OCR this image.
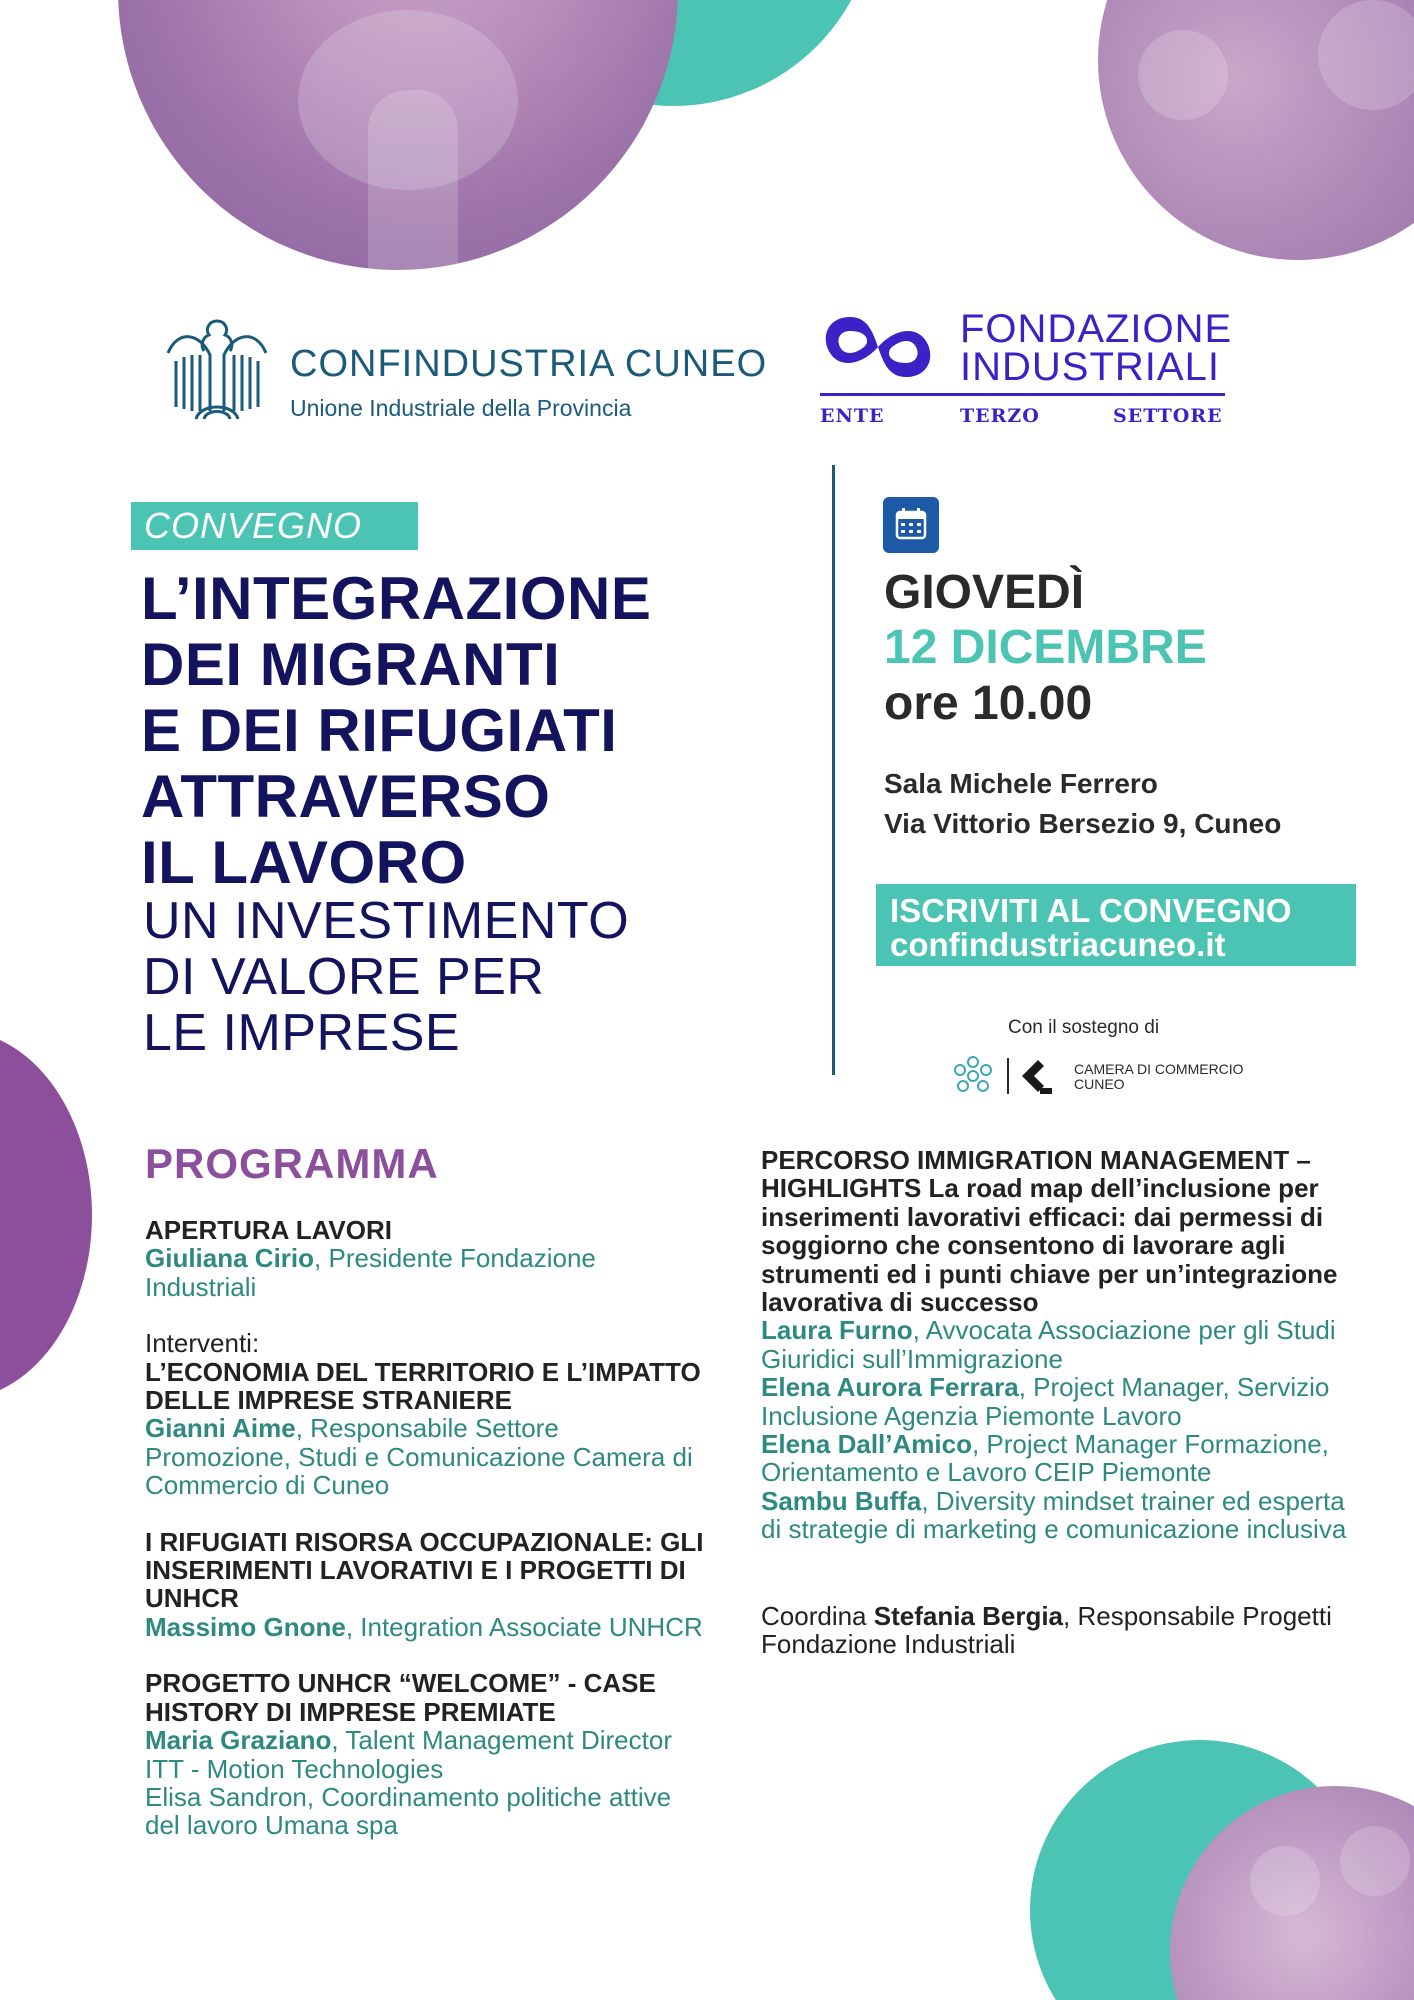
CONFINDUSTRIA CUNEO
Unione Industriale della Provincia
FONDAZIONE
INDUSTRIALI
ENTE	TERZO	SETTORE
CONVEGNO
L’INTEGRAZIONE
DEI MIGRANTI
E DEI RIFUGIATI
ATTRAVERSO
IL LAVORO
UN INVESTIMENTO
DI VALORE PER
LE IMPRESE
GIOVEDÌ
12 DICEMBRE
ore 10.00
Sala Michele Ferrero
Via Vittorio Bersezio 9, Cuneo
ISCRIVITI AL CONVEGNO
confindustriacuneo.it
Con il sostegno di
CAMERA DI COMMERCIO
CUNEO
PROGRAMMA
APERTURA LAVORI
Giuliana Cirio, Presidente Fondazione Industriali
Interventi:
L’ECONOMIA DEL TERRITORIO E L’IMPATTO DELLE IMPRESE STRANIERE
Gianni Aime, Responsabile Settore Promozione, Studi e Comunicazione Camera di Commercio di Cuneo
I RIFUGIATI RISORSA OCCUPAZIONALE: GLI INSERIMENTI LAVORATIVI E I PROGETTI DI UNHCR
Massimo Gnone, Integration Associate UNHCR
PROGETTO UNHCR “WELCOME” - CASE HISTORY DI IMPRESE PREMIATE
Maria Graziano, Talent Management Director ITT - Motion Technologies
Elisa Sandron, Coordinamento politiche attive del lavoro Umana spa
PERCORSO IMMIGRATION MANAGEMENT – HIGHLIGHTS La road map dell’inclusione per inserimenti lavorativi efficaci: dai permessi di soggiorno che consentono di lavorare agli strumenti ed i punti chiave per un’integrazione lavorativa di successo
Laura Furno, Avvocata Associazione per gli Studi Giuridici sull’Immigrazione
Elena Aurora Ferrara, Project Manager, Servizio Inclusione Agenzia Piemonte Lavoro
Elena Dall’Amico, Project Manager Formazione, Orientamento e Lavoro CEIP Piemonte
Sambu Buffa, Diversity mindset trainer ed esperta di strategie di marketing e comunicazione inclusiva
Coordina Stefania Bergia, Responsabile Progetti Fondazione Industriali
